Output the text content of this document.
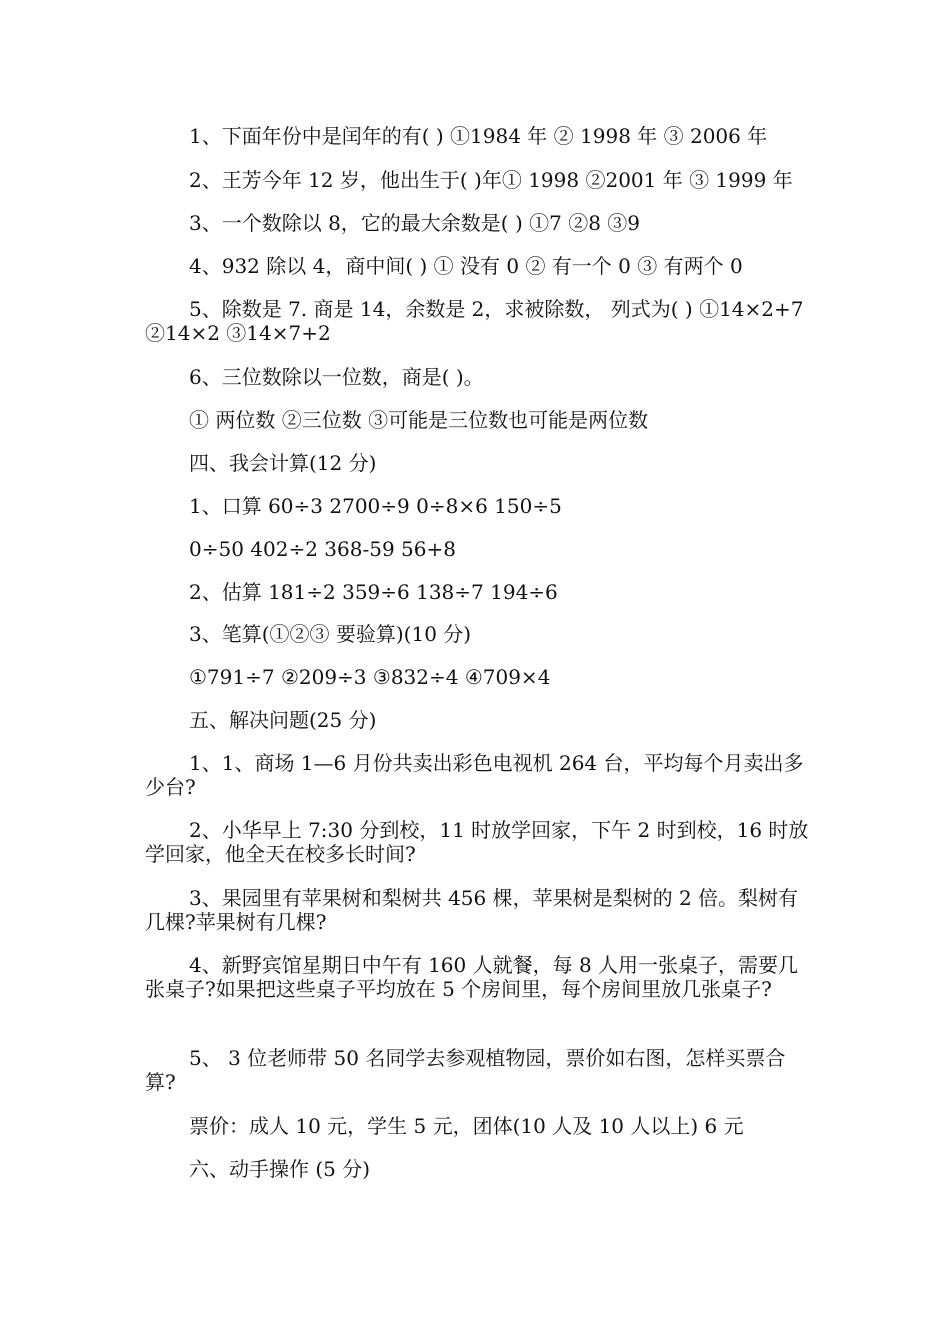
1、下面年份中是闰年的有( ) ①1984 年 ② 1998 年 ③ 2006 年
2、王芳今年 12 岁，他出生于( )年① 1998 ②2001 年 ③ 1999 年
3、一个数除以 8，它的最大余数是( ) ①7 ②8 ③9
4、932 除以 4，商中间( ) ① 没有 0 ② 有一个 0 ③ 有两个 0
5、除数是 7. 商是 14，余数是 2，求被除数， 列式为( ) ①14×2+7 ②14×2 ③14×7+2
6、三位数除以一位数，商是( )。
① 两位数 ②三位数 ③可能是三位数也可能是两位数
四、我会计算(12 分)
1、口算 60÷3 2700÷9 0÷8×6 150÷5
0÷50 402÷2 368-59 56+8
2、估算 181÷2 359÷6 138÷7 194÷6
3、笔算(①②③ 要验算)(10 分)
①791÷7 ②209÷3 ③832÷4 ④709×4
五、解决问题(25 分)
1、1、商场 1—6 月份共卖出彩色电视机 264 台，平均每个月卖出多少台?
2、小华早上 7:30 分到校，11 时放学回家，下午 2 时到校，16 时放学回家，他全天在校多长时间?
3、果园里有苹果树和梨树共 456 棵，苹果树是梨树的 2 倍。梨树有几棵?苹果树有几棵?
4、新野宾馆星期日中午有 160 人就餐，每 8 人用一张桌子，需要几张桌子?如果把这些桌子平均放在 5 个房间里，每个房间里放几张桌子?
5、 3 位老师带 50 名同学去参观植物园，票价如右图，怎样买票合算?
票价：成人 10 元，学生 5 元，团体(10 人及 10 人以上) 6 元
六、动手操作 (5 分)
